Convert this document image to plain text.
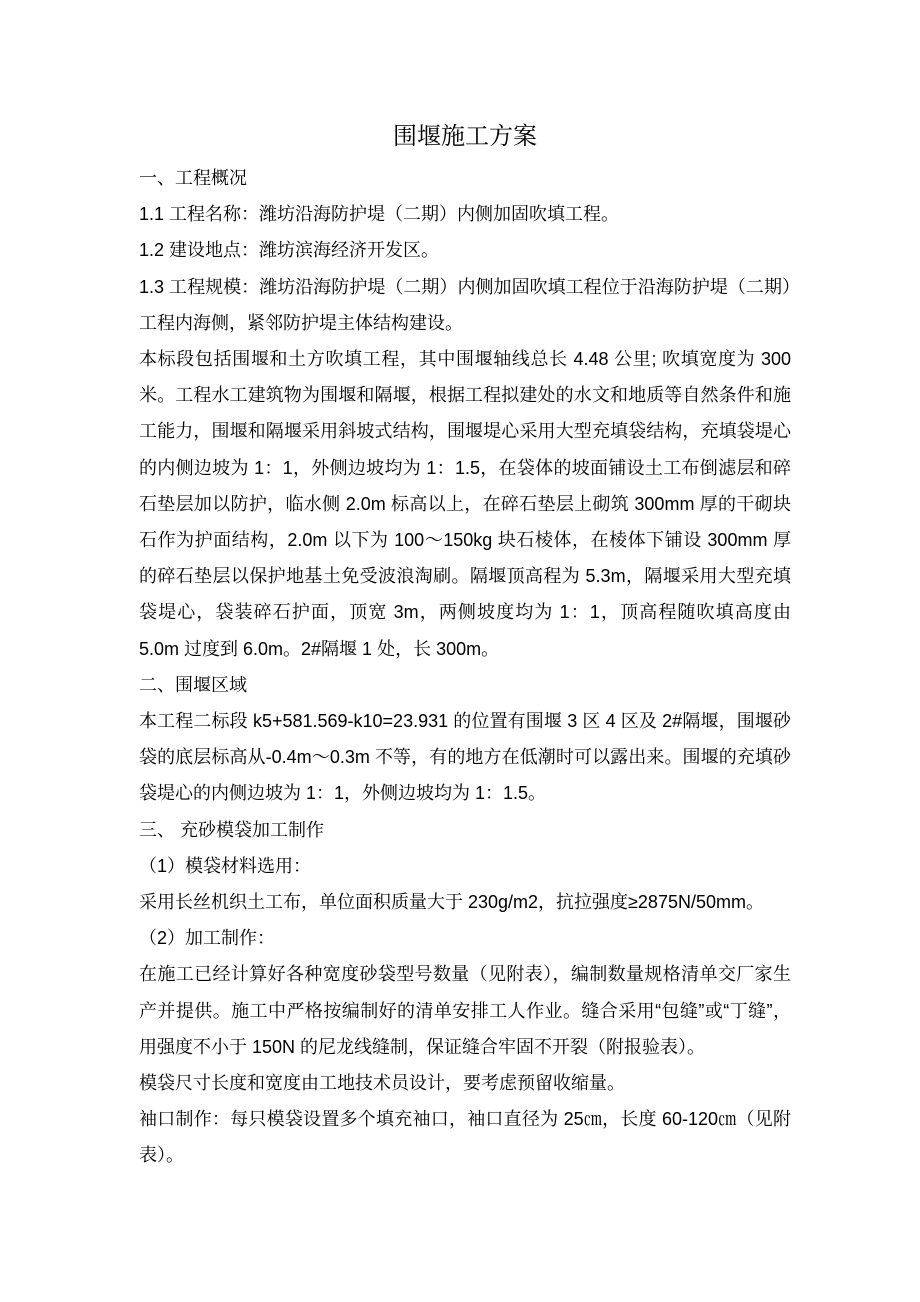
围堰施工方案

一、工程概况

1.1 工程名称：潍坊沿海防护堤（二期）内侧加固吹填工程。

1.2 建设地点：潍坊滨海经济开发区。

1.3 工程规模：潍坊沿海防护堤（二期）内侧加固吹填工程位于沿海防护堤（二期）工程内海侧，紧邻防护堤主体结构建设。

本标段包括围堰和土方吹填工程，其中围堰轴线总长 4.48 公里; 吹填宽度为 300 米。工程水工建筑物为围堰和隔堰，根据工程拟建处的水文和地质等自然条件和施工能力，围堰和隔堰采用斜坡式结构，围堰堤心采用大型充填袋结构，充填袋堤心的内侧边坡为 1：1，外侧边坡均为 1：1.5，在袋体的坡面铺设土工布倒滤层和碎石垫层加以防护，临水侧 2.0m 标高以上，在碎石垫层上砌筑 300mm 厚的干砌块石作为护面结构，2.0m 以下为 100～150kg 块石棱体，在棱体下铺设 300mm 厚的碎石垫层以保护地基土免受波浪淘刷。隔堰顶高程为 5.3m，隔堰采用大型充填袋堤心，袋装碎石护面，顶宽 3m，两侧坡度均为 1：1，顶高程随吹填高度由 5.0m 过度到 6.0m。2#隔堰 1 处，长 300m。

二、围堰区域

本工程二标段 k5+581.569-k10=23.931 的位置有围堰 3 区 4 区及 2#隔堰，围堰砂袋的底层标高从-0.4m～0.3m 不等，有的地方在低潮时可以露出来。围堰的充填砂袋堤心的内侧边坡为 1：1，外侧边坡均为 1：1.5。

三、 充砂模袋加工制作

（1）模袋材料选用：

采用长丝机织土工布，单位面积质量大于 230g/m2，抗拉强度≥2875N/50mm。

（2）加工制作：

在施工已经计算好各种宽度砂袋型号数量（见附表），编制数量规格清单交厂家生产并提供。施工中严格按编制好的清单安排工人作业。缝合采用“包缝”或“丁缝”，用强度不小于 150N 的尼龙线缝制，保证缝合牢固不开裂（附报验表）。

模袋尺寸长度和宽度由工地技术员设计，要考虑预留收缩量。

袖口制作：每只模袋设置多个填充袖口，袖口直径为 25㎝，长度 60-120㎝（见附表）。
